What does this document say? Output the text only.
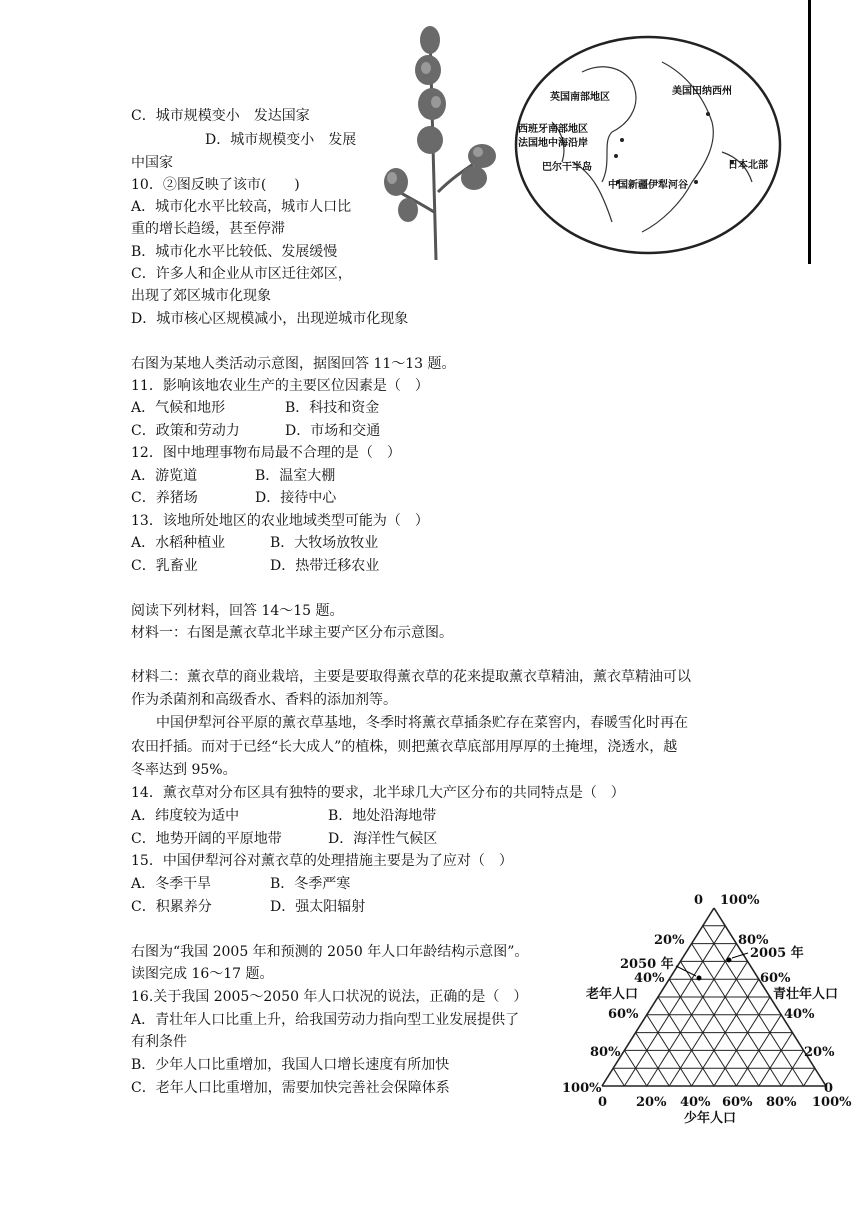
英国南部地区
美国田纳西州
西班牙南部地区
法国地中海沿岸
巴尔干半岛
中国新疆伊犁河谷
日本北部
C．城市规模变小　发达国家
D．城市规模变小　发展
中国家
10．②图反映了该市(　　)
A．城市化水平比较高，城市人口比
重的增长趋缓，甚至停滞
B．城市化水平比较低、发展缓慢
C．许多人和企业从市区迁往郊区，
出现了郊区城市化现象
D．城市核心区规模减小，出现逆城市化现象
右图为某地人类活动示意图，据图回答 11～13 题。
11．影响该地农业生产的主要区位因素是（　）
A．气候和地形	B．科技和资金
C．政策和劳动力	D．市场和交通
12．图中地理事物布局最不合理的是（　）
A．游览道	B．温室大棚
C．养猪场	D．接待中心
13．该地所处地区的农业地域类型可能为（　）
A．水稻种植业	B．大牧场放牧业
C．乳畜业	D．热带迁移农业
阅读下列材料，回答 14～15 题。
材料一：右图是薰衣草北半球主要产区分布示意图。
材料二：薰衣草的商业栽培，主要是要取得薰衣草的花来提取薰衣草精油，薰衣草精油可以
作为杀菌剂和高级香水、香料的添加剂等。
　中国伊犁河谷平原的薰衣草基地，冬季时将薰衣草插条贮存在菜窖内，春暖雪化时再在
农田扦插。而对于已经“长大成人”的植株，则把薰衣草底部用厚厚的土掩埋，浇透水，越
冬率达到 95%。
14．薰衣草对分布区具有独特的要求，北半球几大产区分布的共同特点是（　）
A．纬度较为适中	B．地处沿海地带
C．地势开阔的平原地带	D．海洋性气候区
15．中国伊犁河谷对薰衣草的处理措施主要是为了应对（　）
A．冬季干旱	B．冬季严寒
C．积累养分	D．强太阳辐射
右图为“我国 2005 年和预测的 2050 年人口年龄结构示意图”。
读图完成 16～17 题。
16.关于我国 2005～2050 年人口状况的说法，正确的是（　）
A．青壮年人口比重上升，给我国劳动力指向型工业发展提供了
有利条件
B．少年人口比重增加，我国人口增长速度有所加快
C．老年人口比重增加，需要加快完善社会保障体系
2005 年
2050 年
老年人口	青壮年人口
少年人口
0
20%
40%
60%
80%
100%
100%
80%
60%
40%
20%
0
0 20% 40% 60% 80% 100%
